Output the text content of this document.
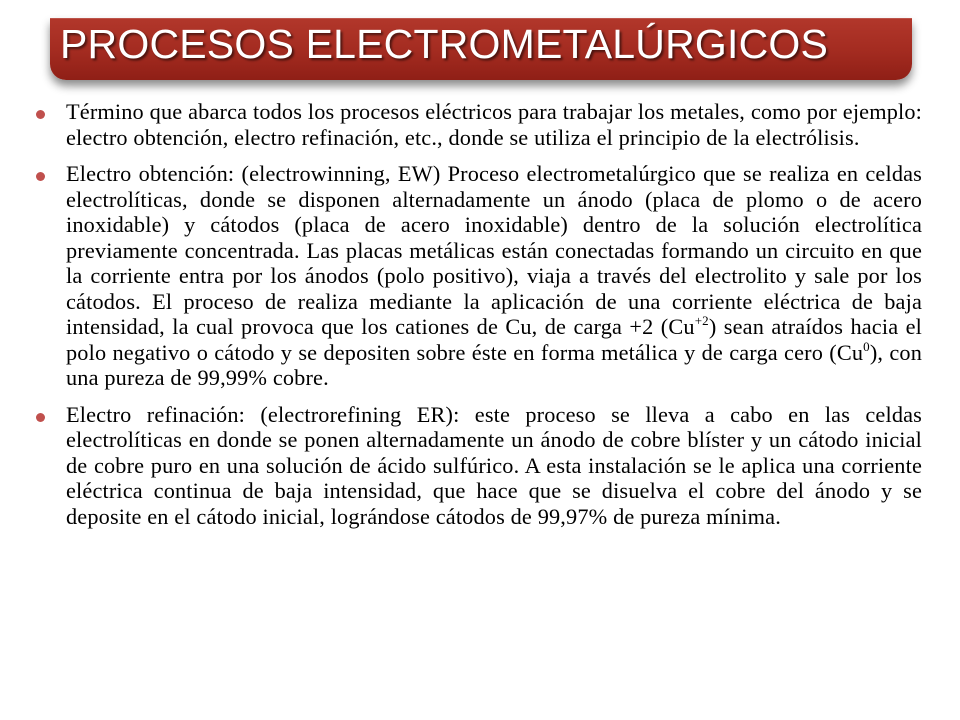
PROCESOS ELECTROMETALÚRGICOS

Término que abarca todos los procesos eléctricos para trabajar los metales, como por ejemplo: electro obtención, electro refinación, etc., donde se utiliza el principio de la electrólisis.

Electro obtención: (electrowinning, EW) Proceso electrometalúrgico que se realiza en celdas electrolíticas, donde se disponen alternadamente un ánodo (placa de plomo o de acero inoxidable) y cátodos (placa de acero inoxidable) dentro de la solución electrolítica previamente concentrada. Las placas metálicas están conectadas formando un circuito en que la corriente entra por los ánodos (polo positivo), viaja a través del electrolito y sale por los cátodos. El proceso de realiza mediante la aplicación de una corriente eléctrica de baja intensidad, la cual provoca que los cationes de Cu, de carga +2 $(Cu^{+2})$ sean atraídos hacia el polo negativo o cátodo y se depositen sobre éste en forma metálica y de carga cero (Cu$^0$), con una pureza de 99,99% cobre.

Electro refinación: (electrorefining ER): este proceso se lleva a cabo en las celdas electrolíticas en donde se ponen alternadamente un ánodo de cobre blíster y un cátodo inicial de cobre puro en una solución de ácido sulfúrico. A esta instalación se le aplica una corriente eléctrica continua de baja intensidad, que hace que se disuelva el cobre del ánodo y se deposite en el cátodo inicial, lográndose cátodos de 99,97% de pureza mínima.
